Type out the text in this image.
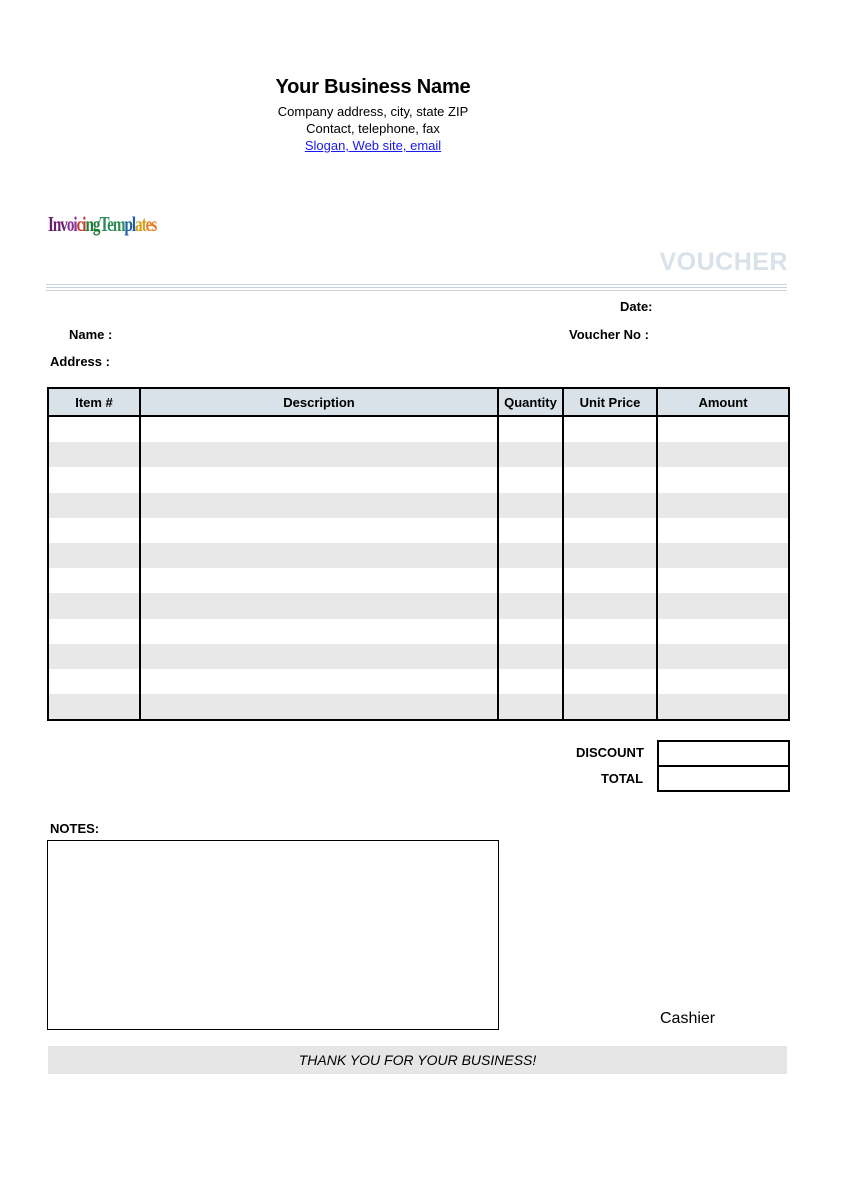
Your Business Name
Company address, city, state ZIP
Contact, telephone, fax
Slogan, Web site, email
InvoicingTemplates
VOUCHER
Date:
Name :	Voucher No :
Address :
Item #	Description	Quantity	Unit Price	Amount

DISCOUNT
TOTAL
NOTES:
Cashier
THANK YOU FOR YOUR BUSINESS!
